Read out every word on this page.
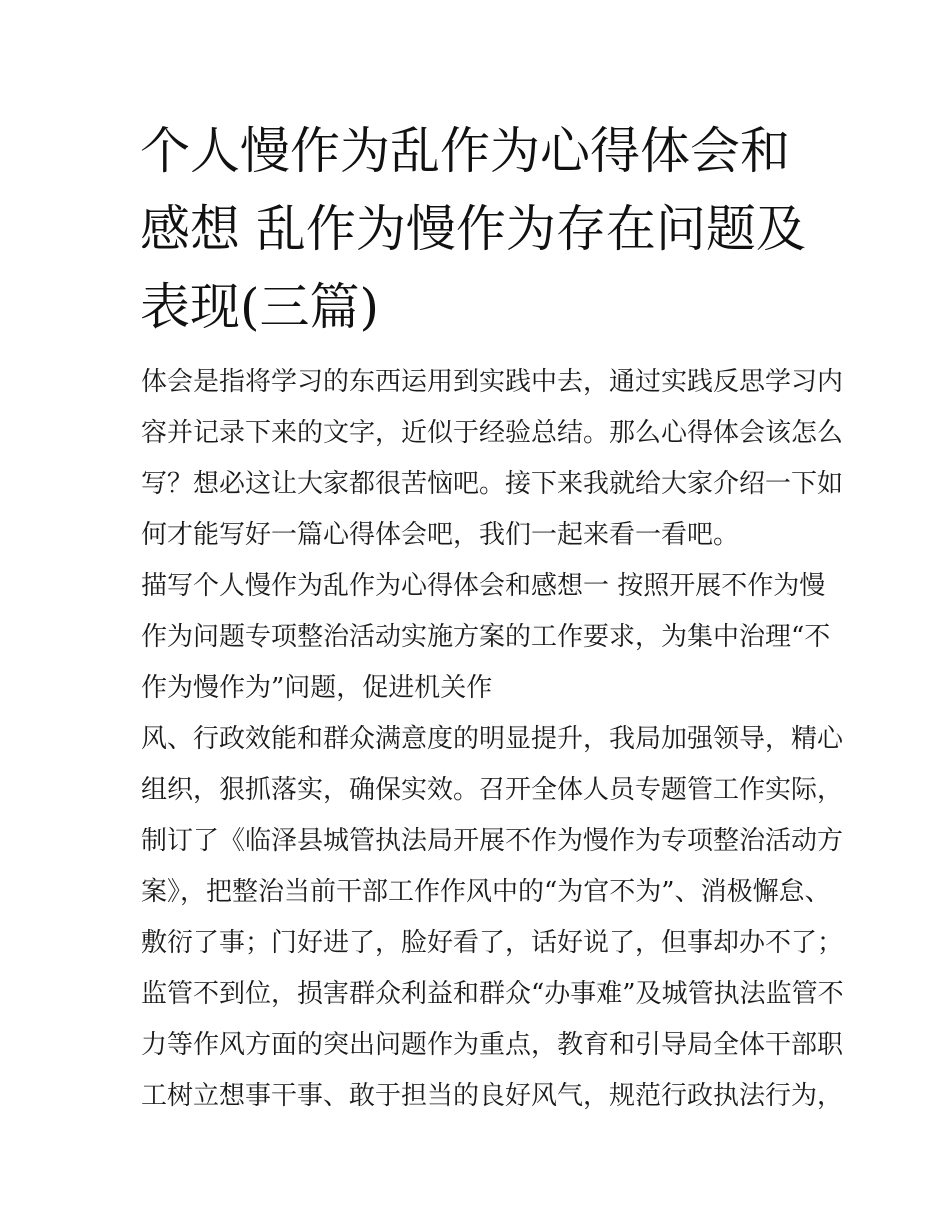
个人慢作为乱作为心得体会和
感想 乱作为慢作为存在问题及
表现(三篇)
体会是指将学习的东西运用到实践中去，通过实践反思学习内
容并记录下来的文字，近似于经验总结。那么心得体会该怎么
写？想必这让大家都很苦恼吧。接下来我就给大家介绍一下如
何才能写好一篇心得体会吧，我们一起来看一看吧。
描写个人慢作为乱作为心得体会和感想一 按照开展不作为慢
作为问题专项整治活动实施方案的工作要求，为集中治理“不
作为慢作为”问题，促进机关作
风、行政效能和群众满意度的明显提升，我局加强领导，精心
组织，狠抓落实，确保实效。召开全体人员专题管工作实际，
制订了《临泽县城管执法局开展不作为慢作为专项整治活动方
案》，把整治当前干部工作作风中的“为官不为”、消极懈怠、
敷衍了事；门好进了，脸好看了，话好说了，但事却办不了；
监管不到位，损害群众利益和群众“办事难”及城管执法监管不
力等作风方面的突出问题作为重点，教育和引导局全体干部职
工树立想事干事、敢于担当的良好风气，规范行政执法行为，
